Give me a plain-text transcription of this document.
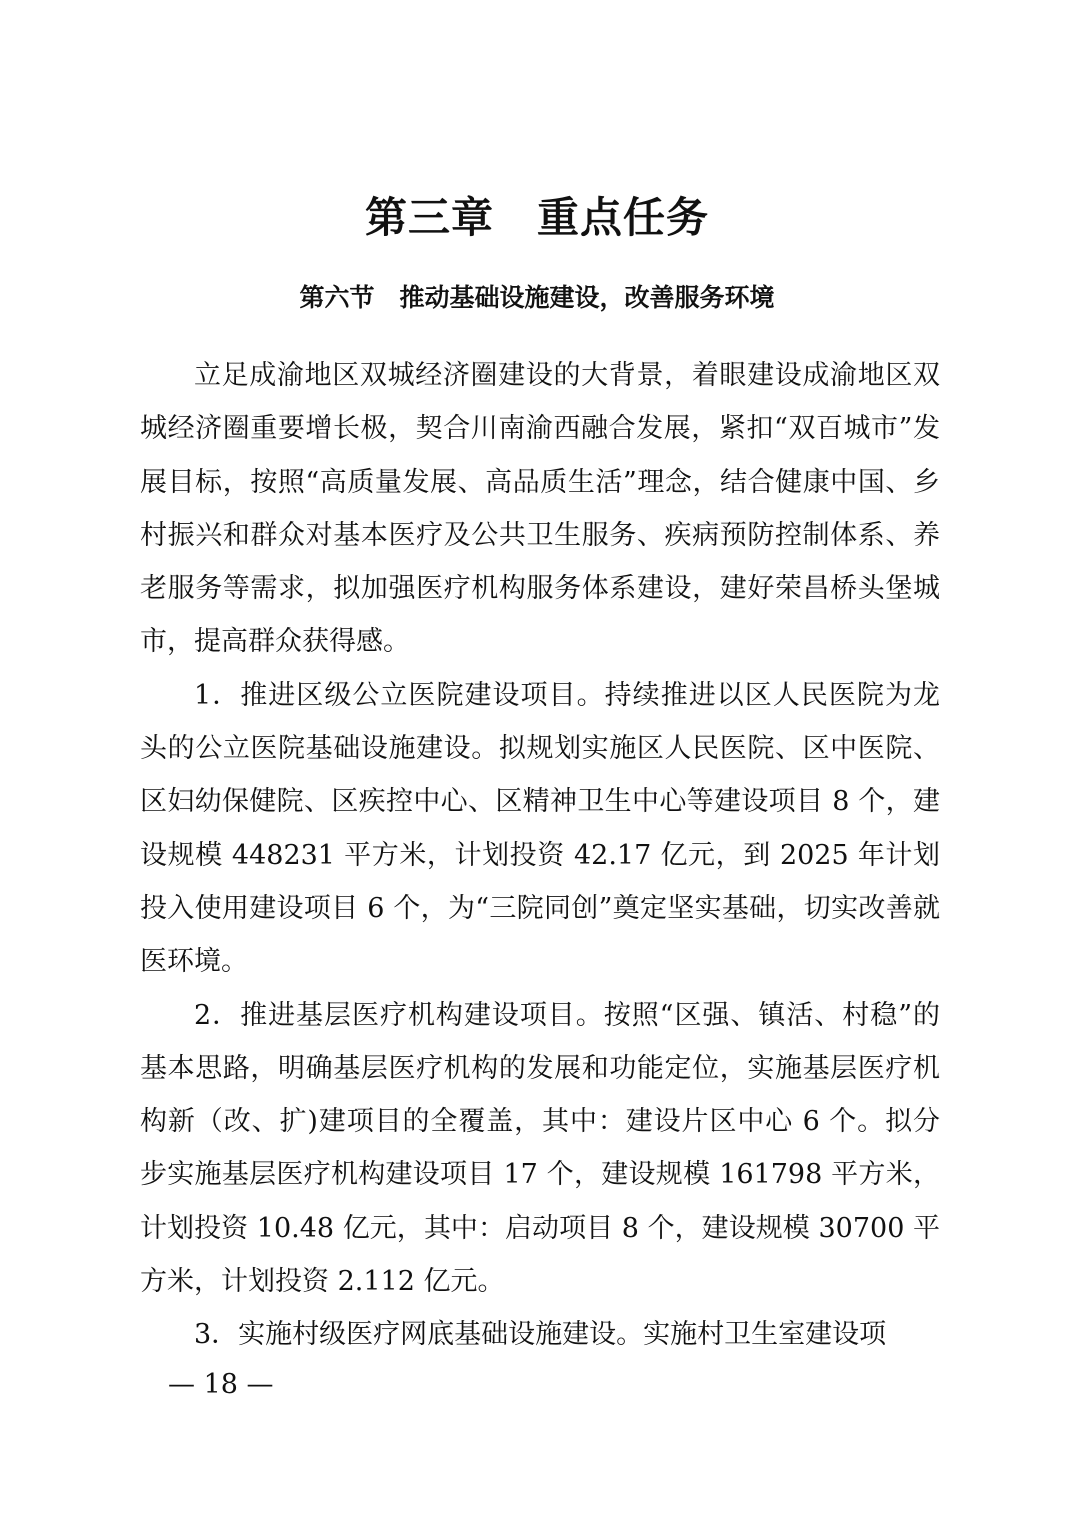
第三章　重点任务
第六节　推动基础设施建设，改善服务环境

立足成渝地区双城经济圈建设的大背景，着眼建设成渝地区双城经济圈重要增长极，契合川南渝西融合发展，紧扣“双百城市”发展目标，按照“高质量发展、高品质生活”理念，结合健康中国、乡村振兴和群众对基本医疗及公共卫生服务、疾病预防控制体系、养老服务等需求，拟加强医疗机构服务体系建设，建好荣昌桥头堡城市，提高群众获得感。

1．推进区级公立医院建设项目。持续推进以区人民医院为龙头的公立医院基础设施建设。拟规划实施区人民医院、区中医院、区妇幼保健院、区疾控中心、区精神卫生中心等建设项目 8 个，建设规模 448231 平方米，计划投资 42.17 亿元，到 2025 年计划投入使用建设项目 6 个，为“三院同创”奠定坚实基础，切实改善就医环境。

2．推进基层医疗机构建设项目。按照“区强、镇活、村稳”的基本思路，明确基层医疗机构的发展和功能定位，实施基层医疗机构新（改、扩)建项目的全覆盖，其中：建设片区中心 6 个。拟分步实施基层医疗机构建设项目 17 个，建设规模 161798 平方米，计划投资 10.48 亿元，其中：启动项目 8 个，建设规模 30700 平方米，计划投资 2.112 亿元。

3．实施村级医疗网底基础设施建设。实施村卫生室建设项

— 18 —
